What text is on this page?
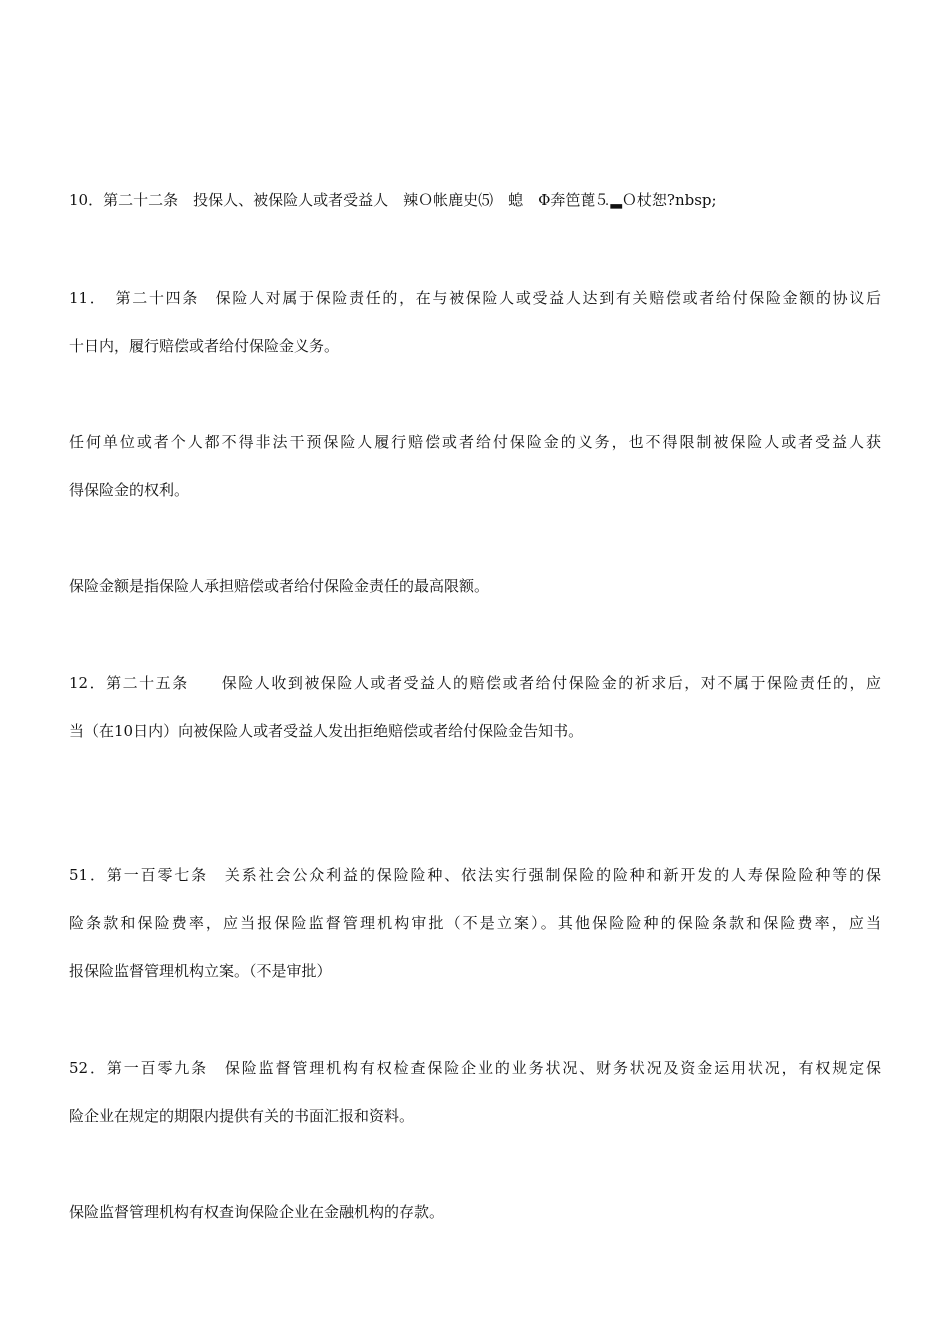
10．第二十二条　投保人、被保险人或者受益人　辣Ｏ帐鹿史⑸　螅　Φ奔笆蓖⒌▂Ｏ杖恕?nbsp;
11．　第二十四条　保险人对属于保险责任的，在与被保险人或受益人达到有关赔偿或者给付保险金额的协议后
十日内，履行赔偿或者给付保险金义务。
任何单位或者个人都不得非法干预保险人履行赔偿或者给付保险金的义务，也不得限制被保险人或者受益人获
得保险金的权利。
保险金额是指保险人承担赔偿或者给付保险金责任的最高限额。
12．第二十五条　　保险人收到被保险人或者受益人的赔偿或者给付保险金的祈求后，对不属于保险责任的，应
当（在10日内）向被保险人或者受益人发出拒绝赔偿或者给付保险金告知书。
51．第一百零七条　关系社会公众利益的保险险种、依法实行强制保险的险种和新开发的人寿保险险种等的保
险条款和保险费率，应当报保险监督管理机构审批（不是立案）。其他保险险种的保险条款和保险费率，应当
报保险监督管理机构立案。（不是审批）
52．第一百零九条　保险监督管理机构有权检查保险企业的业务状况、财务状况及资金运用状况，有权规定保
险企业在规定的期限内提供有关的书面汇报和资料。
保险监督管理机构有权查询保险企业在金融机构的存款。
